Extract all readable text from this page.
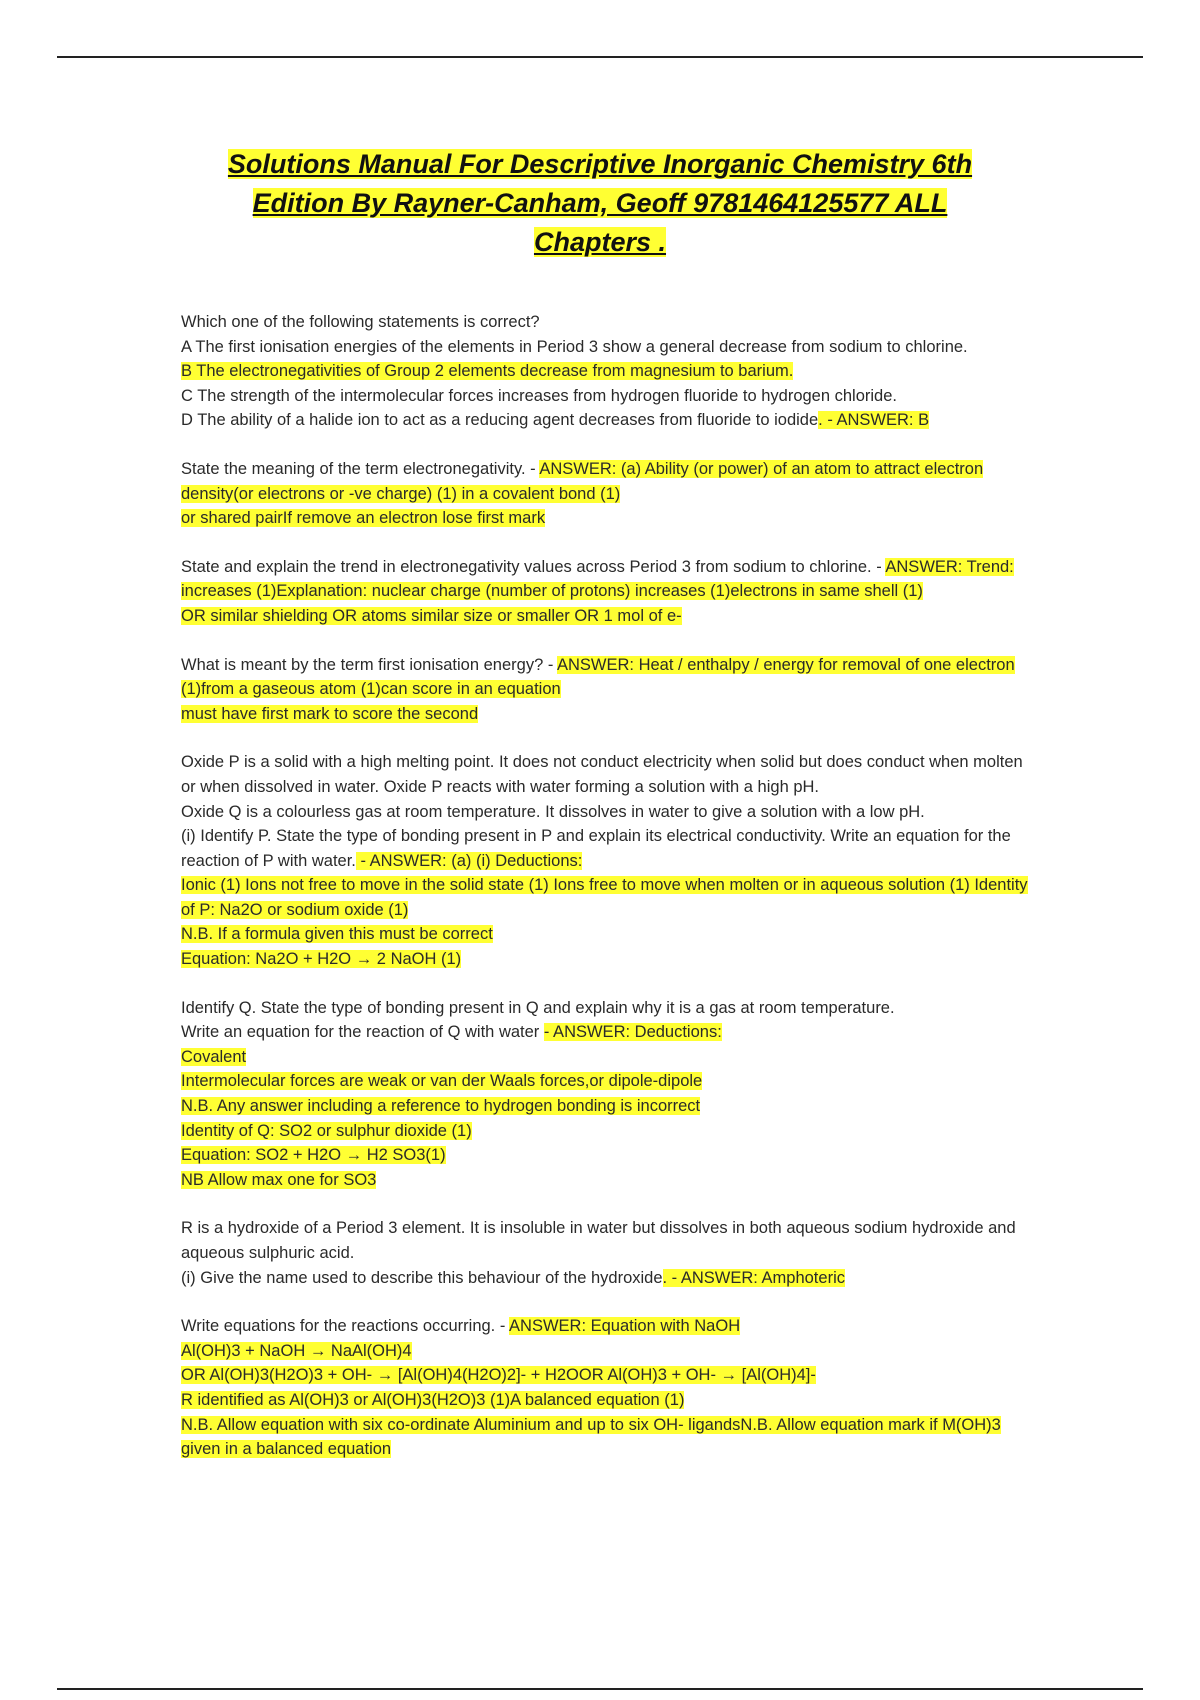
Solutions Manual For Descriptive Inorganic Chemistry 6th
Edition By Rayner-Canham, Geoff 9781464125577 ALL
Chapters .
Which one of the following statements is correct?
A The first ionisation energies of the elements in Period 3 show a general decrease from sodium to chlorine.
B The electronegativities of Group 2 elements decrease from magnesium to barium.
C The strength of the intermolecular forces increases from hydrogen fluoride to hydrogen chloride.
D The ability of a halide ion to act as a reducing agent decreases from fluoride to iodide. - ANSWER: B
State the meaning of the term electronegativity. - ANSWER: (a) Ability (or power) of an atom to attract electron density(or electrons or -ve charge) (1) in a covalent bond (1)
or shared pairIf remove an electron lose first mark
State and explain the trend in electronegativity values across Period 3 from sodium to chlorine. - ANSWER: Trend: increases (1)Explanation: nuclear charge (number of protons) increases (1)electrons in same shell (1)
OR similar shielding OR atoms similar size or smaller OR 1 mol of e-
What is meant by the term first ionisation energy? - ANSWER: Heat / enthalpy / energy for removal of one electron (1)from a gaseous atom (1)can score in an equation
must have first mark to score the second
Oxide P is a solid with a high melting point. It does not conduct electricity when solid but does conduct when molten or when dissolved in water. Oxide P reacts with water forming a solution with a high pH.
Oxide Q is a colourless gas at room temperature. It dissolves in water to give a solution with a low pH.
(i) Identify P. State the type of bonding present in P and explain its electrical conductivity. Write an equation for the reaction of P with water. - ANSWER: (a) (i) Deductions:
Ionic (1) Ions not free to move in the solid state (1) Ions free to move when molten or in aqueous solution (1) Identity of P: Na2O or sodium oxide (1)
N.B. If a formula given this must be correct
Equation: Na2O + H2O → 2 NaOH (1)
Identify Q. State the type of bonding present in Q and explain why it is a gas at room temperature.
Write an equation for the reaction of Q with water - ANSWER: Deductions:
Covalent
Intermolecular forces are weak or van der Waals forces,or dipole-dipole
N.B. Any answer including a reference to hydrogen bonding is incorrect
Identity of Q: SO2 or sulphur dioxide (1)
Equation: SO2 + H2O → H2 SO3(1)
NB Allow max one for SO3
R is a hydroxide of a Period 3 element. It is insoluble in water but dissolves in both aqueous sodium hydroxide and aqueous sulphuric acid.
(i) Give the name used to describe this behaviour of the hydroxide. - ANSWER: Amphoteric
Write equations for the reactions occurring. - ANSWER: Equation with NaOH
Al(OH)3 + NaOH → NaAl(OH)4
OR Al(OH)3(H2O)3 + OH- → [Al(OH)4(H2O)2]- + H2OOR Al(OH)3 + OH- → [Al(OH)4]-
R identified as Al(OH)3 or Al(OH)3(H2O)3 (1)A balanced equation (1)
N.B. Allow equation with six co-ordinate Aluminium and up to six OH- ligandsN.B. Allow equation mark if M(OH)3 given in a balanced equation
